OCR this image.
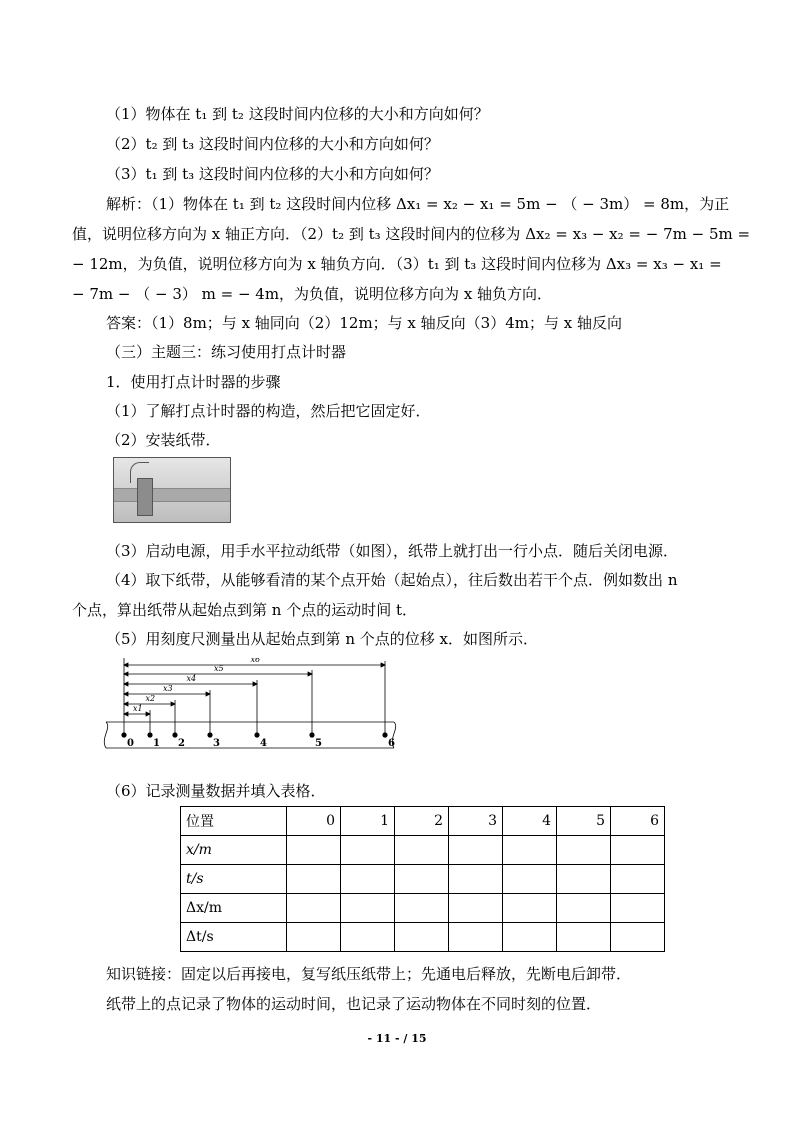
（1）物体在 t₁ 到 t₂ 这段时间内位移的大小和方向如何？
（2）t₂ 到 t₃ 这段时间内位移的大小和方向如何？
（3）t₁ 到 t₃ 这段时间内位移的大小和方向如何？
解析：（1）物体在 t₁ 到 t₂ 这段时间内位移 Δx₁ = x₂ − x₁ = 5m − （ − 3m） = 8m，为正
值，说明位移方向为 x 轴正方向．（2）t₂ 到 t₃ 这段时间内的位移为 Δx₂ = x₃ − x₂ = − 7m − 5m =
− 12m，为负值，说明位移方向为 x 轴负方向．（3）t₁ 到 t₃ 这段时间内位移为 Δx₃ = x₃ − x₁ =
− 7m − （ − 3） m = − 4m，为负值，说明位移方向为 x 轴负方向．
答案：（1）8m；与 x 轴同向（2）12m；与 x 轴反向（3）4m；与 x 轴反向
（三）主题三：练习使用打点计时器
1．使用打点计时器的步骤
（1）了解打点计时器的构造，然后把它固定好．
（2）安装纸带．
（3）启动电源，用手水平拉动纸带（如图），纸带上就打出一行小点．随后关闭电源．
（4）取下纸带，从能够看清的某个点开始（起始点），往后数出若干个点．例如数出 n
个点，算出纸带从起始点到第 n 个点的运动时间 t．
（5）用刻度尺测量出从起始点到第 n 个点的位移 x．如图所示．
0 1 2	3	4	5	6
x1
x2
x3
x4
x5
x6
（6）记录测量数据并填入表格．
位置	0	1	2	3	4	5	6
x/m							
t/s							
Δx/m							
Δt/s							
知识链接：固定以后再接电，复写纸压纸带上；先通电后释放，先断电后卸带．
纸带上的点记录了物体的运动时间，也记录了运动物体在不同时刻的位置．
- 11 - / 15
